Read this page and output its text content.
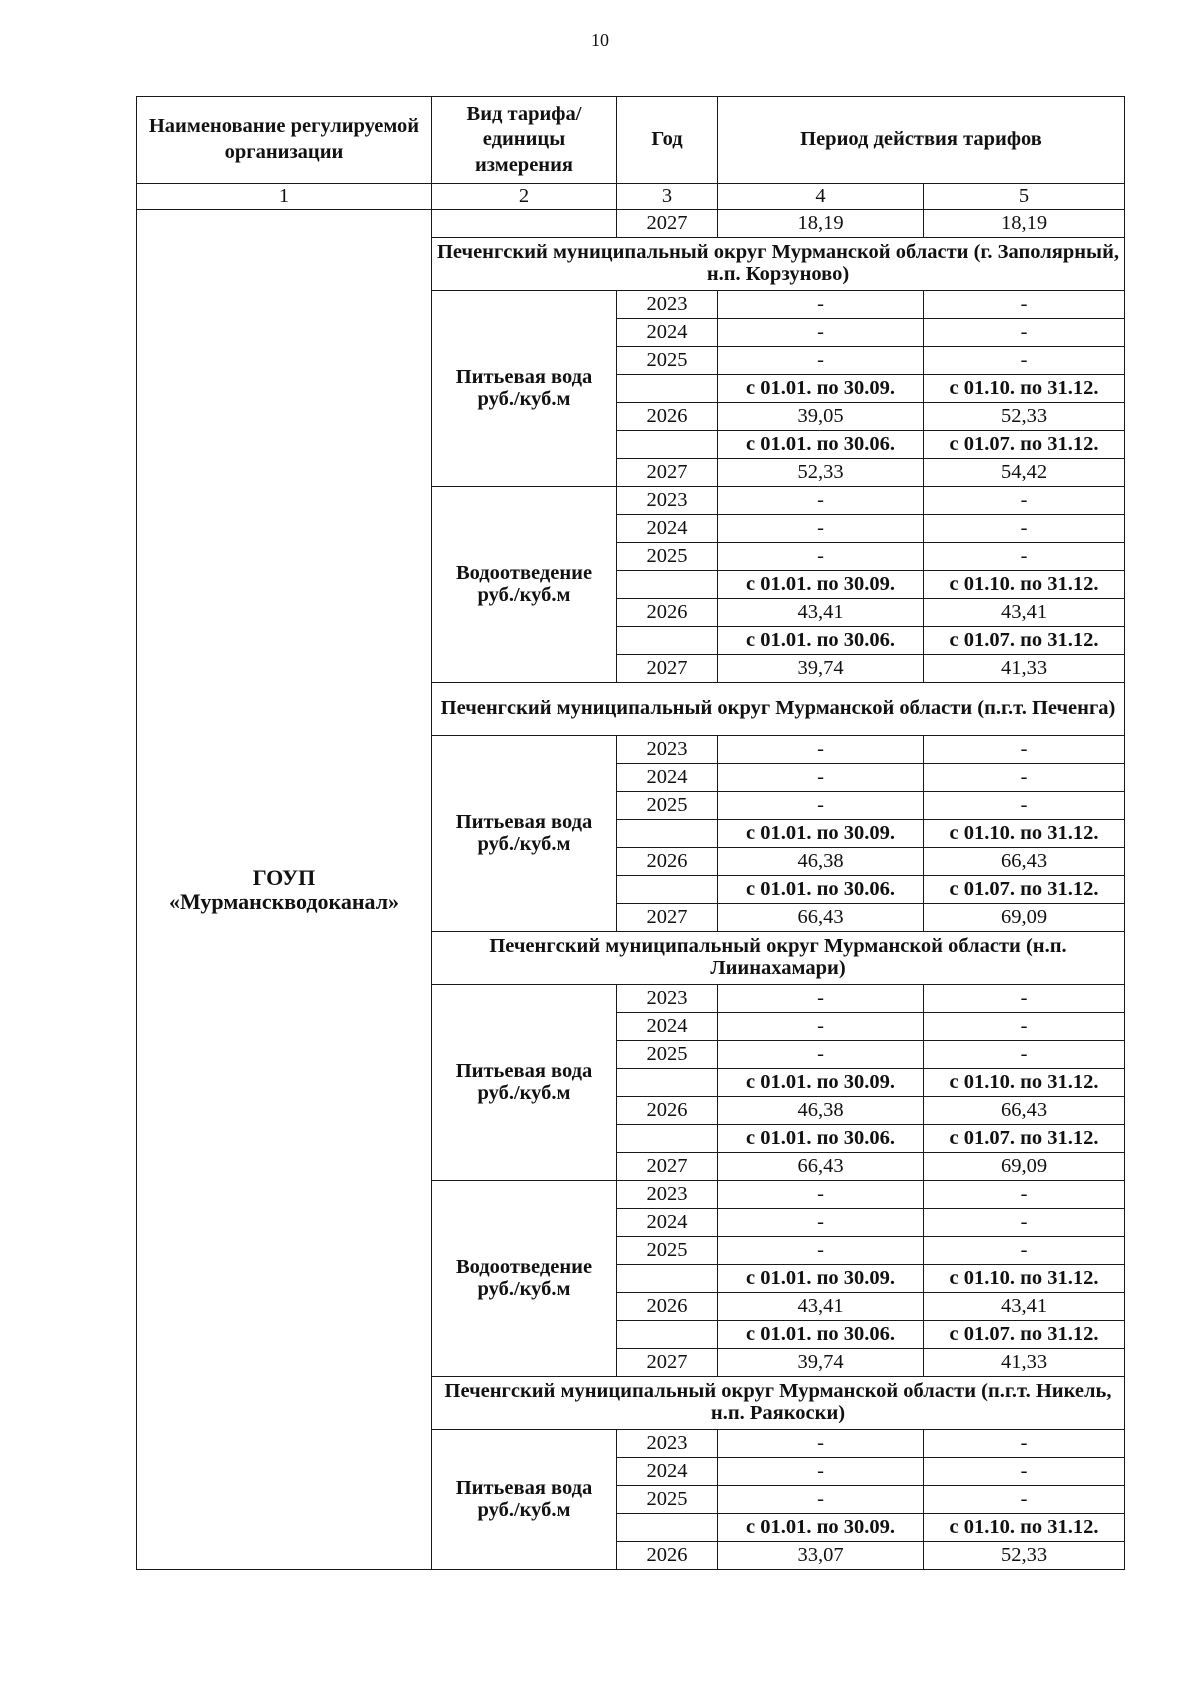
10
Наименование регулируемой организации	Вид тарифа/ единицы измерения	Год	Период действия тарифов	
1	2	3	4	5
ГОУП «Мурманскводоканал»		2027	18,19	18,19
	Печенгский муниципальный округ Мурманской области (г. Заполярный, н.п. Корзуново)			
	Питьевая вода руб./куб.м	2023	-	-
		2024	-	-
		2025	-	-
			с 01.01. по 30.09.	с 01.10. по 31.12.
		2026	39,05	52,33
			с 01.01. по 30.06.	с 01.07. по 31.12.
		2027	52,33	54,42
	Водоотведение руб./куб.м	2023	-	-
		2024	-	-
		2025	-	-
			с 01.01. по 30.09.	с 01.10. по 31.12.
		2026	43,41	43,41
			с 01.01. по 30.06.	с 01.07. по 31.12.
		2027	39,74	41,33
	Печенгский муниципальный округ Мурманской области (п.г.т. Печенга)			
	Питьевая вода руб./куб.м	2023	-	-
		2024	-	-
		2025	-	-
			с 01.01. по 30.09.	с 01.10. по 31.12.
		2026	46,38	66,43
			с 01.01. по 30.06.	с 01.07. по 31.12.
		2027	66,43	69,09
	Печенгский муниципальный округ Мурманской области (н.п. Лиинахамари)			
	Питьевая вода руб./куб.м	2023	-	-
		2024	-	-
		2025	-	-
			с 01.01. по 30.09.	с 01.10. по 31.12.
		2026	46,38	66,43
			с 01.01. по 30.06.	с 01.07. по 31.12.
		2027	66,43	69,09
	Водоотведение руб./куб.м	2023	-	-
		2024	-	-
		2025	-	-
			с 01.01. по 30.09.	с 01.10. по 31.12.
		2026	43,41	43,41
			с 01.01. по 30.06.	с 01.07. по 31.12.
		2027	39,74	41,33
	Печенгский муниципальный округ Мурманской области (п.г.т. Никель, н.п. Раякоски)			
	Питьевая вода руб./куб.м	2023	-	-
		2024	-	-
		2025	-	-
			с 01.01. по 30.09.	с 01.10. по 31.12.
		2026	33,07	52,33
